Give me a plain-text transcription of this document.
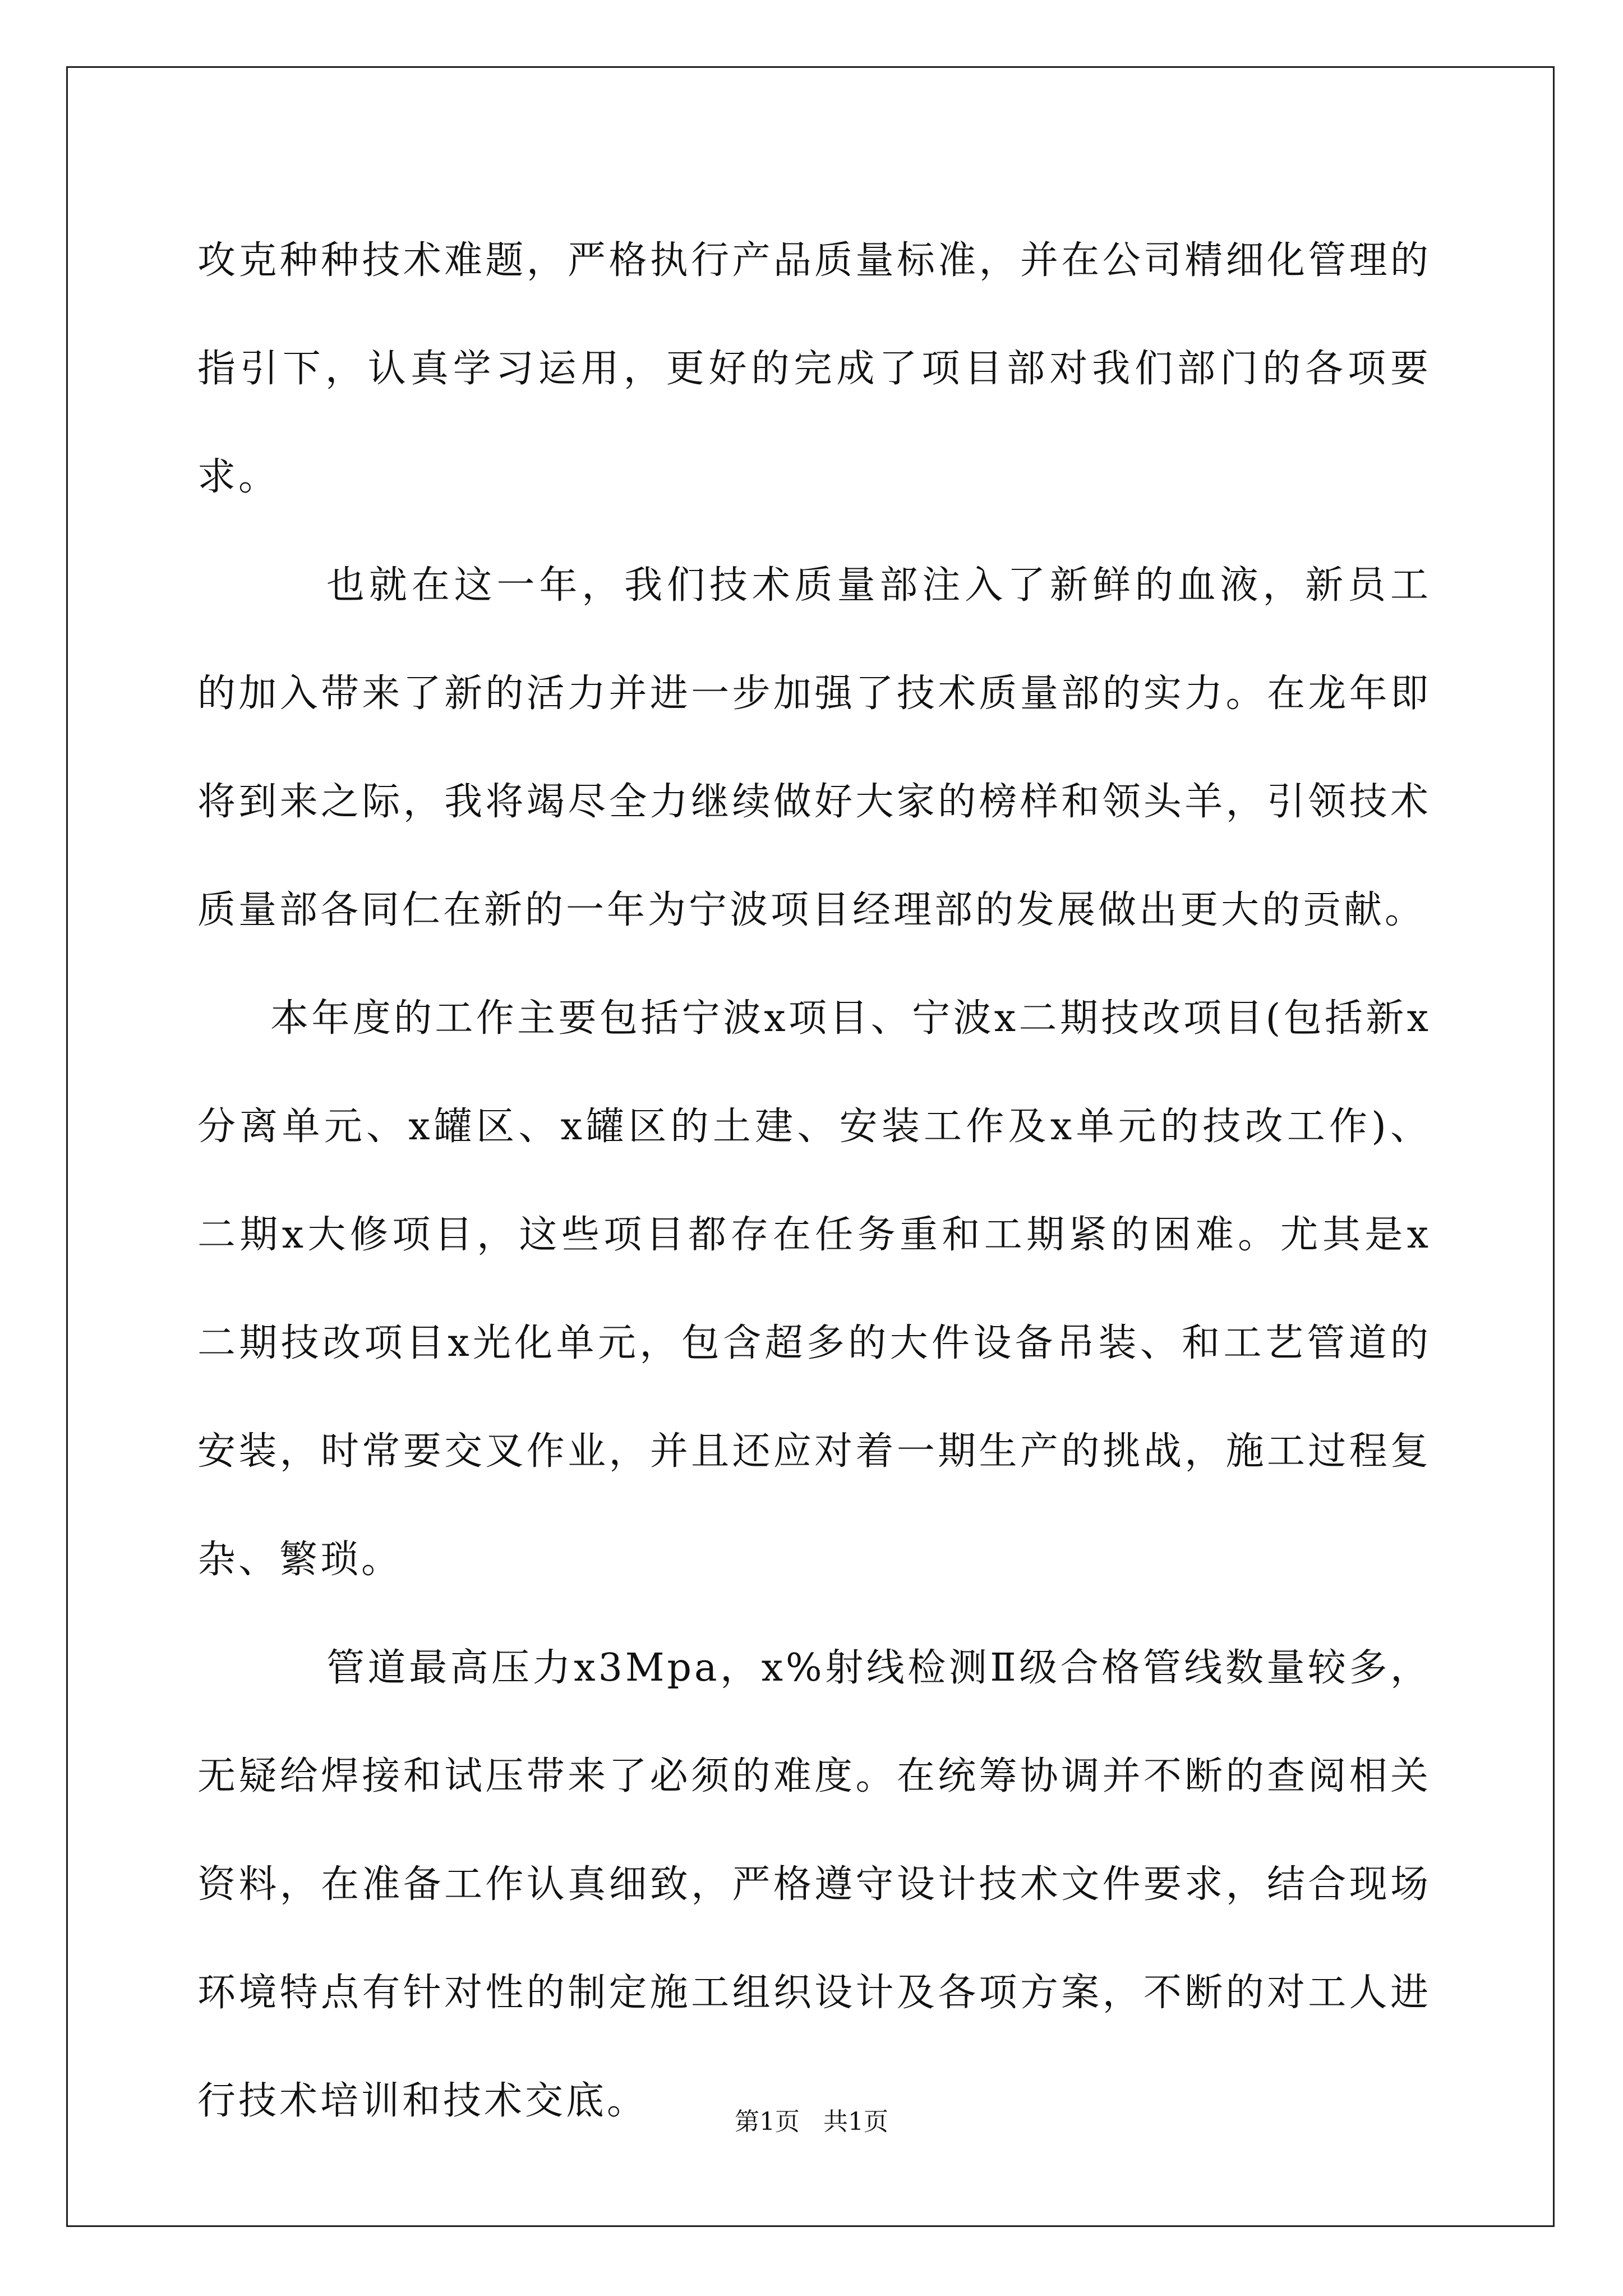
攻克种种技术难题，严格执行产品质量标准，并在公司精细化管理的指引下，认真学习运用，更好的完成了项目部对我们部门的各项要求。

也就在这一年，我们技术质量部注入了新鲜的血液，新员工的加入带来了新的活力并进一步加强了技术质量部的实力。在龙年即将到来之际，我将竭尽全力继续做好大家的榜样和领头羊，引领技术质量部各同仁在新的一年为宁波项目经理部的发展做出更大的贡献。

本年度的工作主要包括宁波x项目、宁波x二期技改项目(包括新x分离单元、x罐区、x罐区的土建、安装工作及x单元的技改工作)、二期x大修项目，这些项目都存在任务重和工期紧的困难。尤其是x二期技改项目x光化单元，包含超多的大件设备吊装、和工艺管道的安装，时常要交叉作业，并且还应对着一期生产的挑战，施工过程复杂、繁琐。

管道最高压力x3Mpa，x%射线检测Ⅱ级合格管线数量较多，无疑给焊接和试压带来了必须的难度。在统筹协调并不断的查阅相关资料，在准备工作认真细致，严格遵守设计技术文件要求，结合现场环境特点有针对性的制定施工组织设计及各项方案，不断的对工人进行技术培训和技术交底。	第1页   共1页
